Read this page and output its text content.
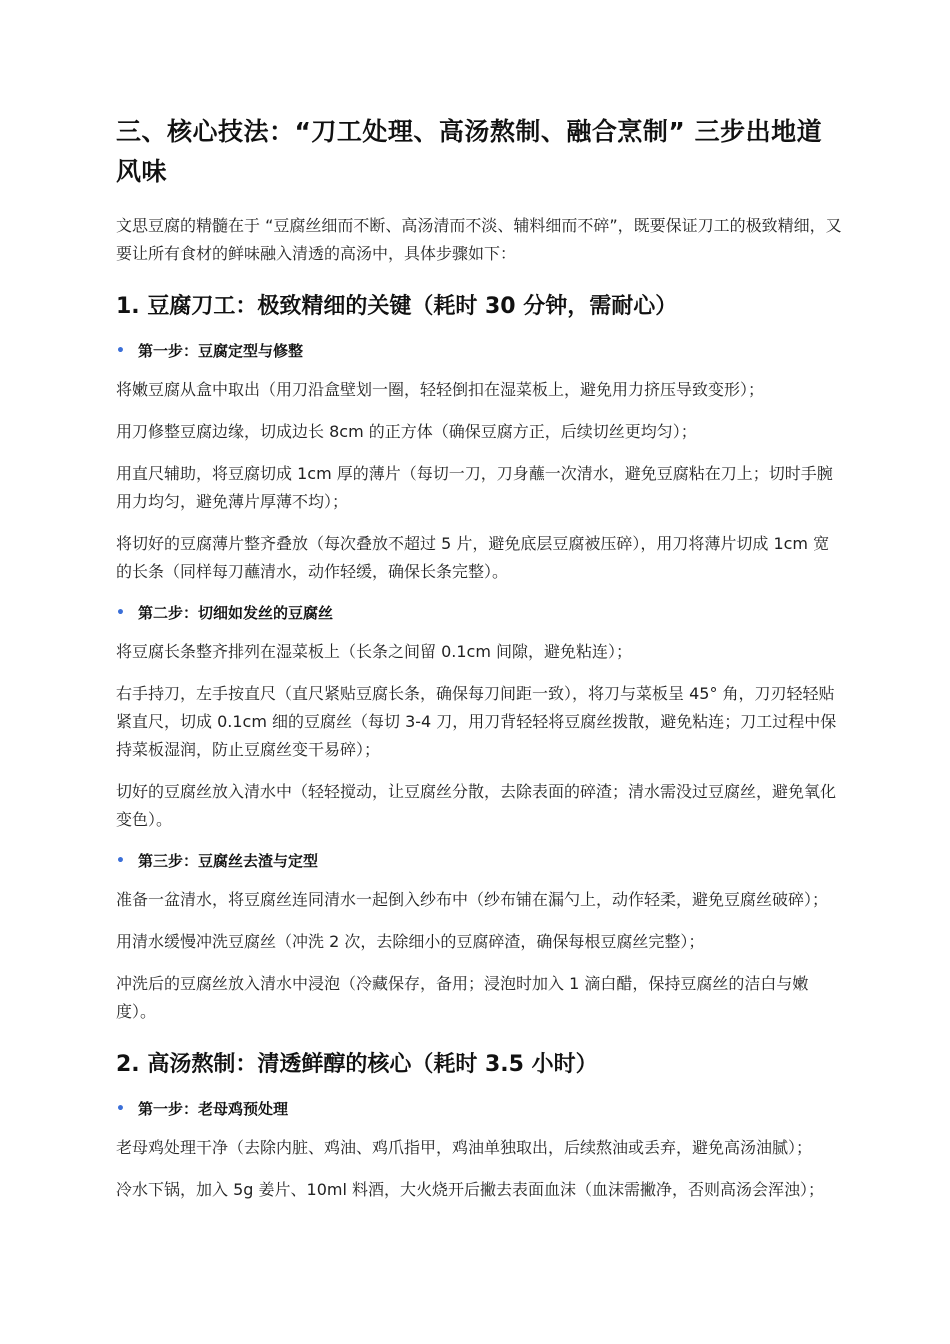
三、核心技法：“刀工处理、高汤熬制、融合烹制” 三步出地道风味

文思豆腐的精髓在于 “豆腐丝细而不断、高汤清而不淡、辅料细而不碎”，既要保证刀工的极致精细，又要让所有食材的鲜味融入清透的高汤中，具体步骤如下：

1. 豆腐刀工：极致精细的关键（耗时 30 分钟，需耐心）
• 第一步：豆腐定型与修整

将嫩豆腐从盒中取出（用刀沿盒壁划一圈，轻轻倒扣在湿菜板上，避免用力挤压导致变形）；

用刀修整豆腐边缘，切成边长 8cm 的正方体（确保豆腐方正，后续切丝更均匀）；

用直尺辅助，将豆腐切成 1cm 厚的薄片（每切一刀，刀身蘸一次清水，避免豆腐粘在刀上；切时手腕用力均匀，避免薄片厚薄不均）；

将切好的豆腐薄片整齐叠放（每次叠放不超过 5 片，避免底层豆腐被压碎），用刀将薄片切成 1cm 宽的长条（同样每刀蘸清水，动作轻缓，确保长条完整）。

• 第二步：切细如发丝的豆腐丝

将豆腐长条整齐排列在湿菜板上（长条之间留 0.1cm 间隙，避免粘连）；

右手持刀，左手按直尺（直尺紧贴豆腐长条，确保每刀间距一致），将刀与菜板呈 45° 角，刀刃轻轻贴紧直尺，切成 0.1cm 细的豆腐丝（每切 3-4 刀，用刀背轻轻将豆腐丝拨散，避免粘连；刀工过程中保持菜板湿润，防止豆腐丝变干易碎）；

切好的豆腐丝放入清水中（轻轻搅动，让豆腐丝分散，去除表面的碎渣；清水需没过豆腐丝，避免氧化变色）。

• 第三步：豆腐丝去渣与定型

准备一盆清水，将豆腐丝连同清水一起倒入纱布中（纱布铺在漏勺上，动作轻柔，避免豆腐丝破碎）；

用清水缓慢冲洗豆腐丝（冲洗 2 次，去除细小的豆腐碎渣，确保每根豆腐丝完整）；

冲洗后的豆腐丝放入清水中浸泡（冷藏保存，备用；浸泡时加入 1 滴白醋，保持豆腐丝的洁白与嫩度）。

2. 高汤熬制：清透鲜醇的核心（耗时 3.5 小时）
• 第一步：老母鸡预处理

老母鸡处理干净（去除内脏、鸡油、鸡爪指甲，鸡油单独取出，后续熬油或丢弃，避免高汤油腻）；

冷水下锅，加入 5g 姜片、10ml 料酒，大火烧开后撇去表面血沫（血沫需撇净，否则高汤会浑浊）；
